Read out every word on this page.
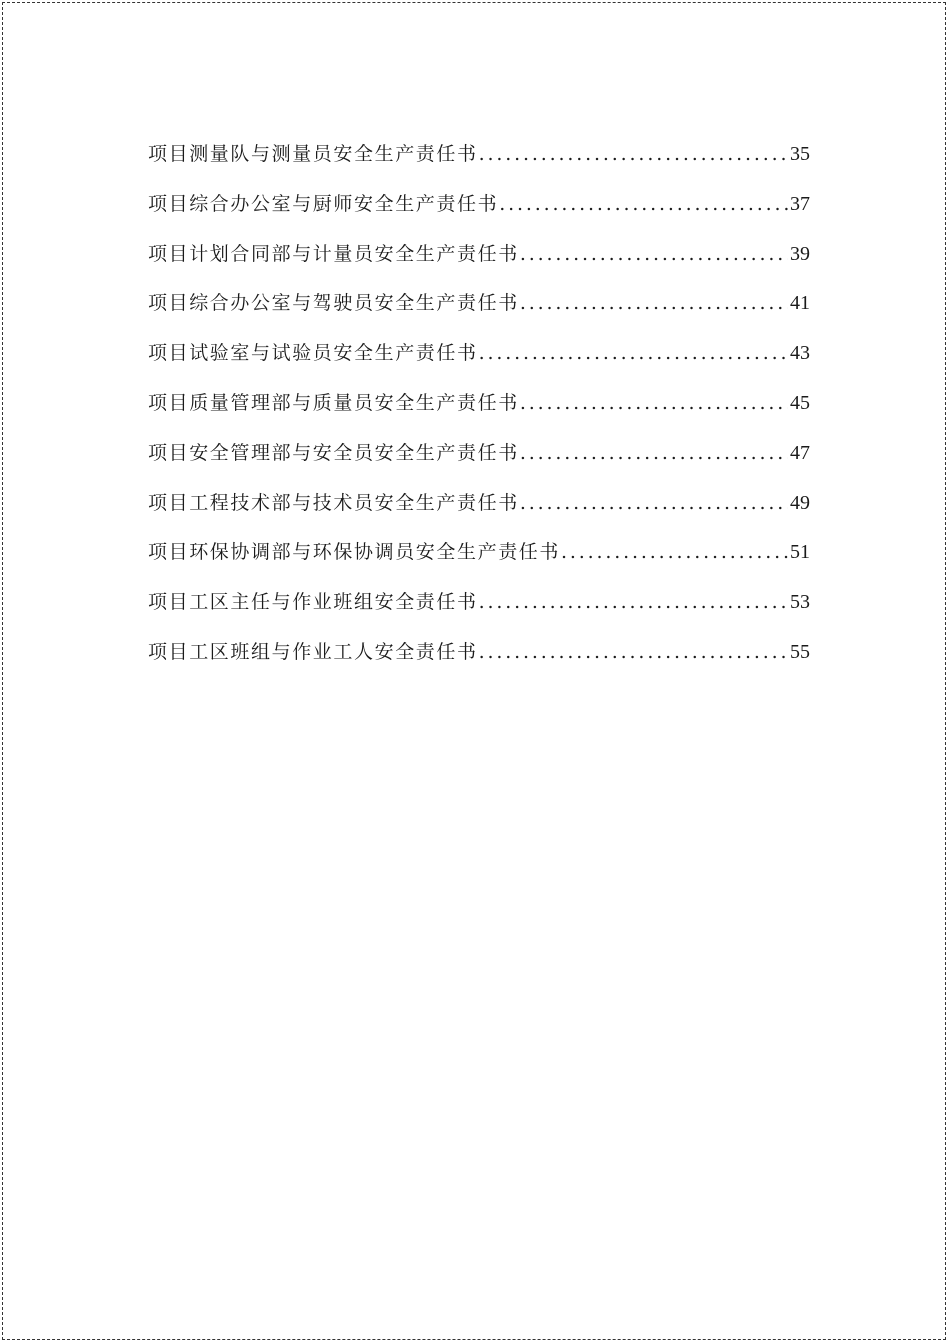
项目测量队与测量员安全生产责任书 . . .	35
项目综合办公室与厨师安全生产责任书 . . .	37
项目计划合同部与计量员安全生产责任书 . . .	39
项目综合办公室与驾驶员安全生产责任书 . . .	41
项目试验室与试验员安全生产责任书 . . .	43
项目质量管理部与质量员安全生产责任书 . . .	45
项目安全管理部与安全员安全生产责任书 . . .	47
项目工程技术部与技术员安全生产责任书 . . .	49
项目环保协调部与环保协调员安全生产责任书 . . .	51
项目工区主任与作业班组安全责任书 . . .	53
项目工区班组与作业工人安全责任书 . . .	55
